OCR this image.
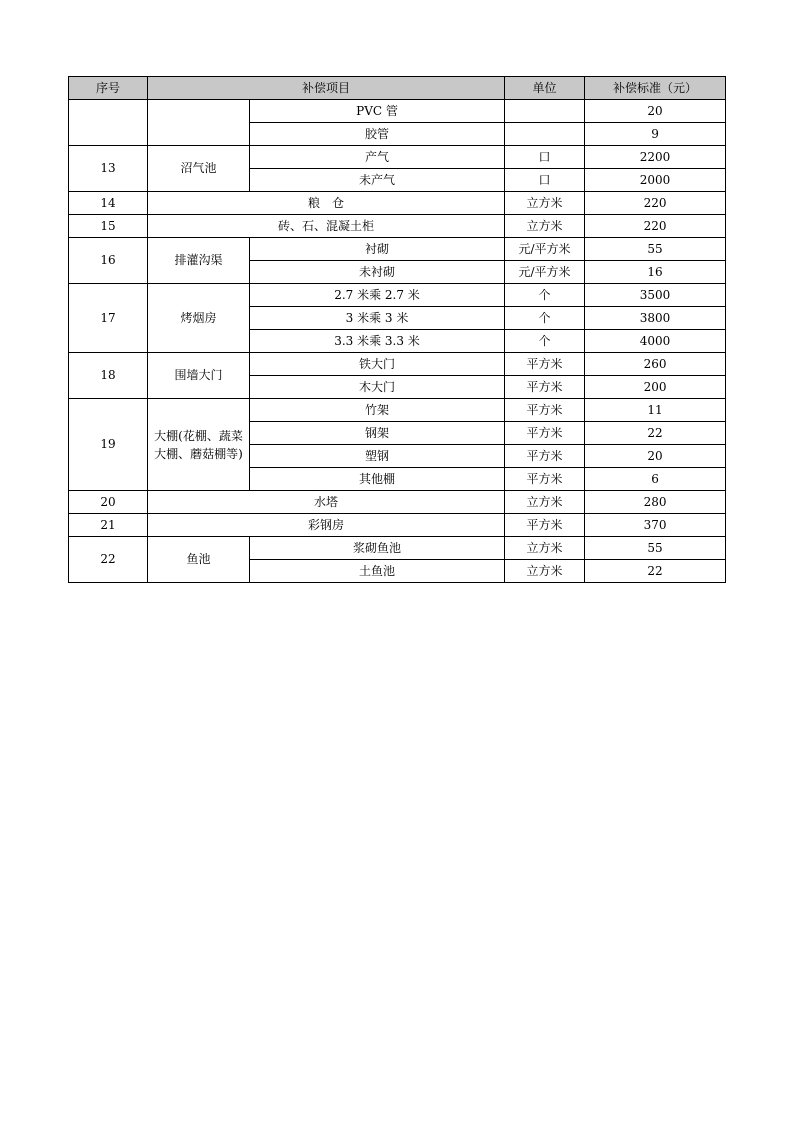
序号	补偿项目		单位	补偿标准（元）
		PVC 管		20
		胶管		9
13	沼气池	产气	口	2200
		未产气	口	2000
14	粮　仓		立方米	220
15	砖、石、混凝土柜		立方米	220
16	排灌沟渠	衬砌	元/平方米	55
		未衬砌	元/平方米	16
17	烤烟房	2.7 米乘 2.7 米	个	3500
		3 米乘 3 米	个	3800
		3.3 米乘 3.3 米	个	4000
18	围墙大门	铁大门	平方米	260
		木大门	平方米	200
19	大棚(花棚、蔬菜大棚、蘑菇棚等)	竹架	平方米	11
		钢架	平方米	22
		塑钢	平方米	20
		其他棚	平方米	6
20	水塔		立方米	280
21	彩钢房		平方米	370
22	鱼池	浆砌鱼池	立方米	55
		土鱼池	立方米	22
